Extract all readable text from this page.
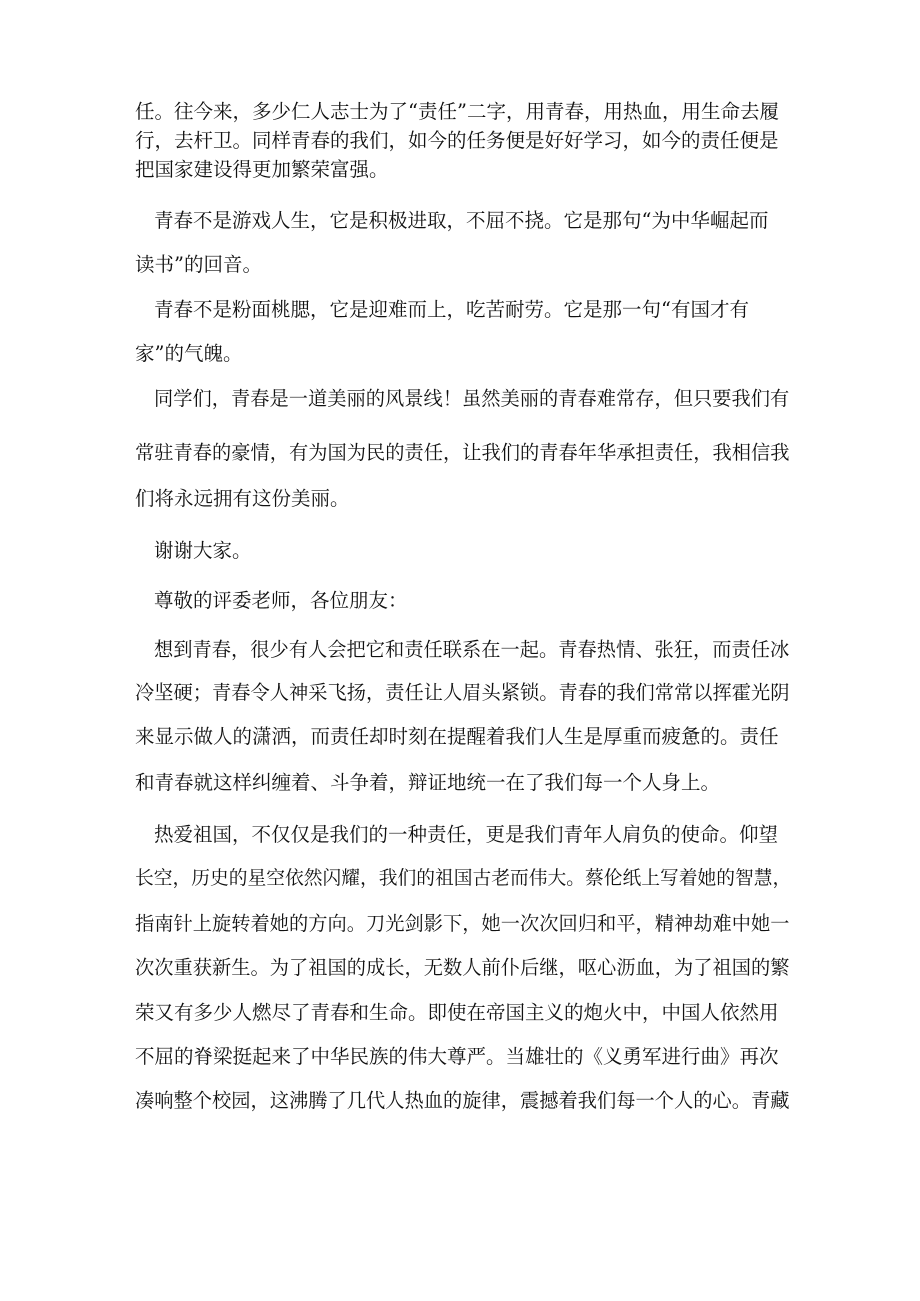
任。往今来，多少仁人志士为了“责任”二字，用青春，用热血，用生命去履

行，去杆卫。同样青春的我们，如今的任务便是好好学习，如今的责任便是

把国家建设得更加繁荣富强。

青春不是游戏人生，它是积极进取，不屈不挠。它是那句“为中华崛起而

读书”的回音。

青春不是粉面桃腮，它是迎难而上，吃苦耐劳。它是那一句“有国才有

家”的气魄。

同学们，青春是一道美丽的风景线！虽然美丽的青春难常存，但只要我们有

常驻青春的豪情，有为国为民的责任，让我们的青春年华承担责任，我相信我

们将永远拥有这份美丽。

谢谢大家。

尊敬的评委老师，各位朋友：

想到青春，很少有人会把它和责任联系在一起。青春热情、张狂，而责任冰

冷坚硬；青春令人神采飞扬，责任让人眉头紧锁。青春的我们常常以挥霍光阴

来显示做人的潇洒，而责任却时刻在提醒着我们人生是厚重而疲惫的。责任

和青春就这样纠缠着、斗争着，辩证地统一在了我们每一个人身上。

热爱祖国，不仅仅是我们的一种责任，更是我们青年人肩负的使命。仰望

长空，历史的星空依然闪耀，我们的祖国古老而伟大。蔡伦纸上写着她的智慧，

指南针上旋转着她的方向。刀光剑影下，她一次次回归和平，精神劫难中她一

次次重获新生。为了祖国的成长，无数人前仆后继，呕心沥血，为了祖国的繁

荣又有多少人燃尽了青春和生命。即使在帝国主义的炮火中，中国人依然用

不屈的脊梁挺起来了中华民族的伟大尊严。当雄壮的《义勇军进行曲》再次

凑响整个校园，这沸腾了几代人热血的旋律，震撼着我们每一个人的心。青藏
